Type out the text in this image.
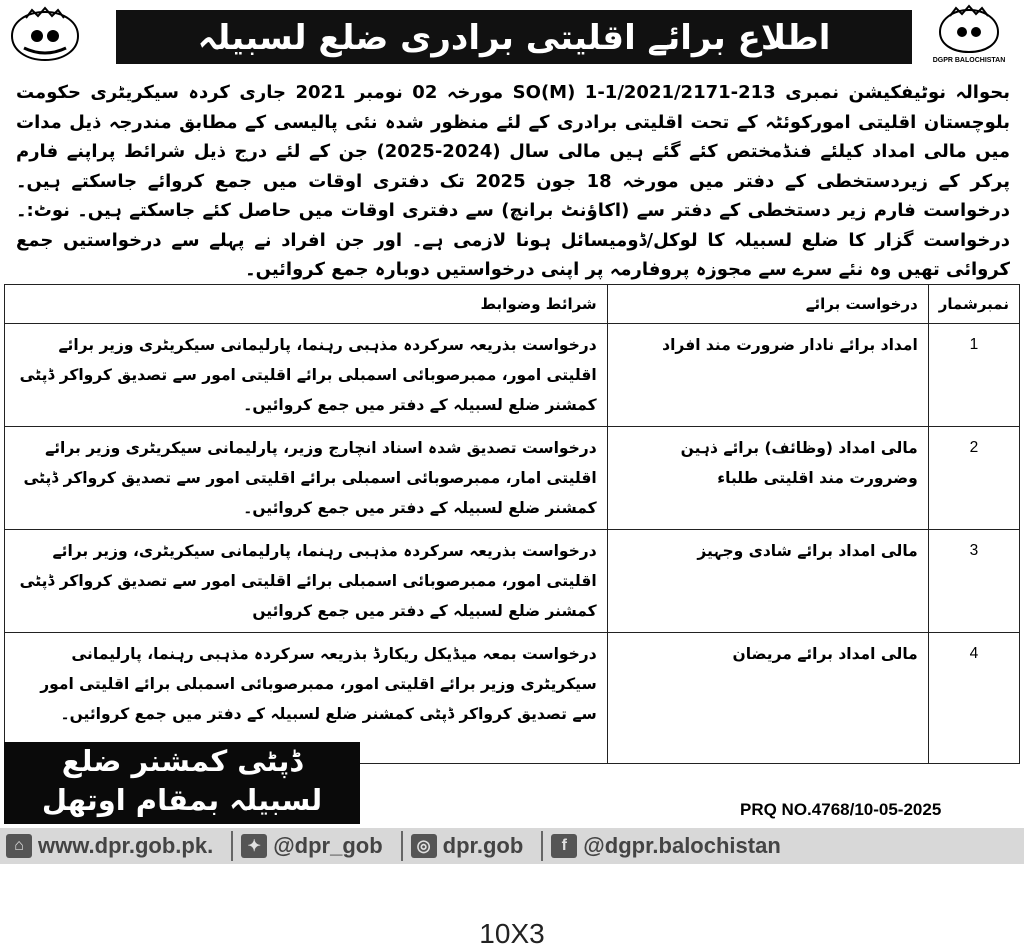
اطلاع برائے اقلیتی برادری ضلع لسبیلہ
DGPR BALOCHISTAN
بحوالہ نوٹیفکیشن نمبری SO(M) 1-1/2021/2171-213 مورخہ 02 نومبر 2021 جاری کردہ سیکریٹری حکومت بلوچستان اقلیتی امورکوئٹہ کے تحت اقلیتی برادری کے لئے منظور شدہ نئی پالیسی کے مطابق مندرجہ ذیل مدات میں مالی امداد کیلئے فنڈمختص کئے گئے ہیں مالی سال (2024-2025) جن کے لئے درج ذیل شرائط پراپنے فارم پرکر کے زیردستخطی کے دفتر میں مورخہ 18 جون 2025 تک دفتری اوقات میں جمع کروائے جاسکتے ہیں۔ درخواست فارم زیر دستخطی کے دفتر سے (اکاؤنٹ برانچ) سے دفتری اوقات میں حاصل کئے جاسکتے ہیں۔ نوٹ:۔ درخواست گزار کا ضلع لسبیلہ کا لوکل/ڈومیسائل ہونا لازمی ہے۔ اور جن افراد نے پہلے سے درخواستیں جمع کروائی تھیں وہ نئے سرے سے مجوزہ پروفارمہ پر اپنی درخواستیں دوبارہ جمع کروائیں۔
نمبرشمار	درخواست برائے	شرائط وضوابط
1	امداد برائے نادار ضرورت مند افراد	درخواست بذریعہ سرکردہ مذہبی رہنما، پارلیمانی سیکریٹری وزیر برائے اقلیتی امور، ممبرصوبائی اسمبلی برائے اقلیتی امور سے تصدیق کرواکر ڈپٹی کمشنر ضلع لسبیلہ کے دفتر میں جمع کروائیں۔
2	مالی امداد (وظائف) برائے ذہین وضرورت مند اقلیتی طلباء	درخواست تصدیق شدہ اسناد انچارج وزیر، پارلیمانی سیکریٹری وزیر برائے اقلیتی امار، ممبرصوبائی اسمبلی برائے اقلیتی امور سے تصدیق کرواکر ڈپٹی کمشنر ضلع لسبیلہ کے دفتر میں جمع کروائیں۔
3	مالی امداد برائے شادی وجہیز	درخواست بذریعہ سرکردہ مذہبی رہنما، پارلیمانی سیکریٹری، وزیر برائے اقلیتی امور، ممبرصوبائی اسمبلی برائے اقلیتی امور سے تصدیق کرواکر ڈپٹی کمشنر ضلع لسبیلہ کے دفتر میں جمع کروائیں
4	مالی امداد برائے مریضان	درخواست بمعہ میڈیکل ریکارڈ بذریعہ سرکردہ مذہبی رہنما، پارلیمانی سیکریٹری وزیر برائے اقلیتی امور، ممبرصوبائی اسمبلی برائے اقلیتی امور سے تصدیق کرواکر ڈپٹی کمشنر ضلع لسبیلہ کے دفتر میں جمع کروائیں۔
ڈپٹی کمشنر ضلع
لسبیلہ بمقام اوتھل	PRQ NO.4768/10-05-2025
⌂ www.dpr.gob.pk.	✦ @dpr_gob	◎ dpr.gob	f @dgpr.balochistan
10X3
